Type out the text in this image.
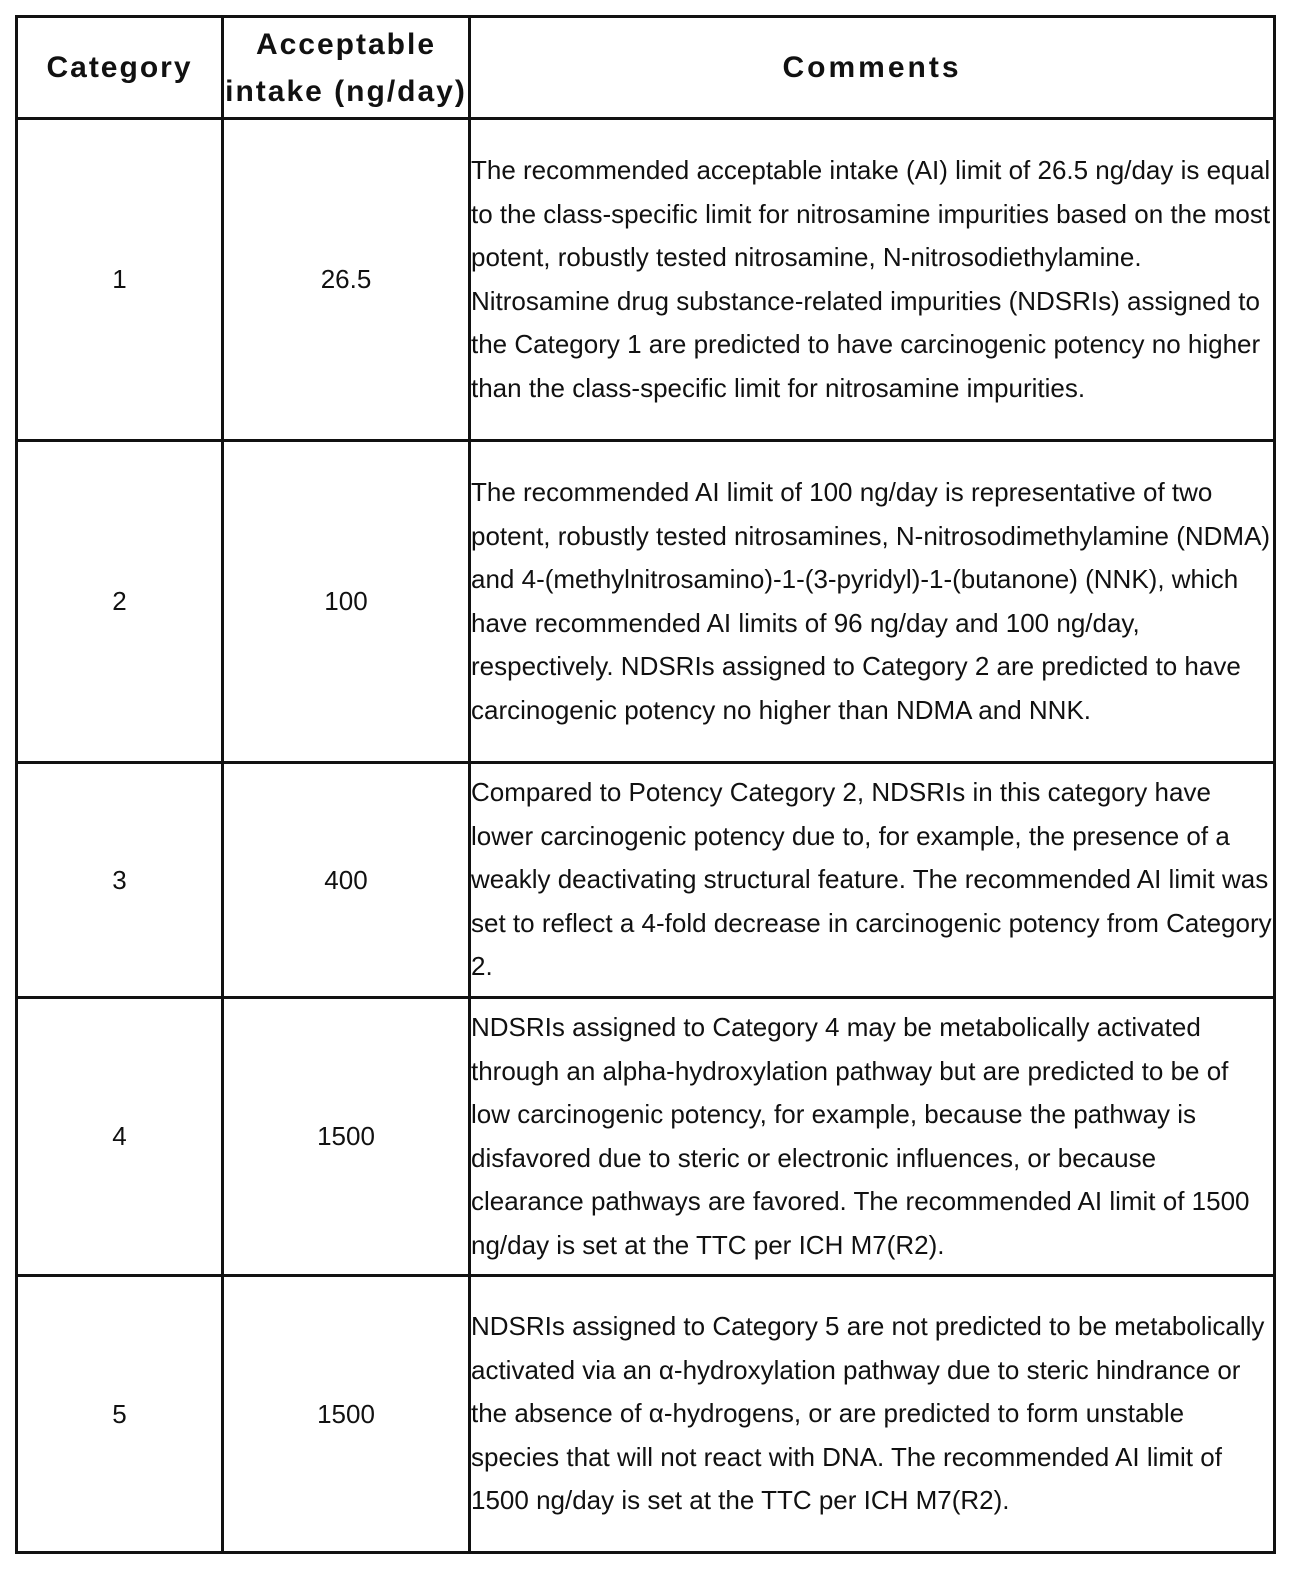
Category	Acceptable intake (ng/day)	Comments
1	26.5	The recommended acceptable intake (AI) limit of 26.5 ng/day is equal to the class-specific limit for nitrosamine impurities based on the most potent, robustly tested nitrosamine, N-nitrosodiethylamine. Nitrosamine drug substance-related impurities (NDSRIs) assigned to the Category 1 are predicted to have carcinogenic potency no higher than the class-specific limit for nitrosamine impurities.
2	100	The recommended AI limit of 100 ng/day is representative of two potent, robustly tested nitrosamines, N-nitrosodimethylamine (NDMA) and 4-(methylnitrosamino)-1-(3-pyridyl)-1-(butanone) (NNK), which have recommended AI limits of 96 ng/day and 100 ng/day, respectively. NDSRIs assigned to Category 2 are predicted to have carcinogenic potency no higher than NDMA and NNK.
3	400	Compared to Potency Category 2, NDSRIs in this category have lower carcinogenic potency due to, for example, the presence of a weakly deactivating structural feature. The recommended AI limit was set to reflect a 4-fold decrease in carcinogenic potency from Category 2.
4	1500	NDSRIs assigned to Category 4 may be metabolically activated through an alpha-hydroxylation pathway but are predicted to be of low carcinogenic potency, for example, because the pathway is disfavored due to steric or electronic influences, or because clearance pathways are favored. The recommended AI limit of 1500 ng/day is set at the TTC per ICH M7(R2).
5	1500	NDSRIs assigned to Category 5 are not predicted to be metabolically activated via an α-hydroxylation pathway due to steric hindrance or the absence of α-hydrogens, or are predicted to form unstable species that will not react with DNA. The recommended AI limit of 1500 ng/day is set at the TTC per ICH M7(R2).
